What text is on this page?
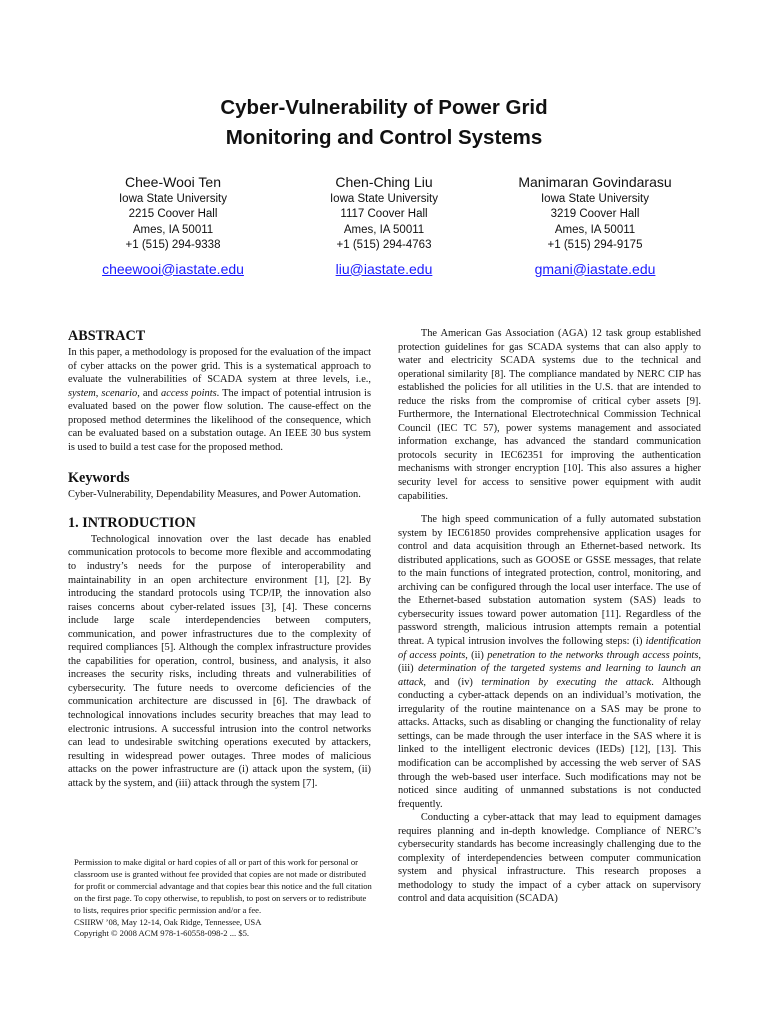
Cyber-Vulnerability of Power Grid
Monitoring and Control Systems
Chee-Wooi Ten
Iowa State University
2215 Coover Hall
Ames, IA 50011
+1 (515) 294-9338
cheewooi@iastate.edu
Chen-Ching Liu
Iowa State University
1117 Coover Hall
Ames, IA 50011
+1 (515) 294-4763
liu@iastate.edu
Manimaran Govindarasu
Iowa State University
3219 Coover Hall
Ames, IA 50011
+1 (515) 294-9175
gmani@iastate.edu
ABSTRACT

In this paper, a methodology is proposed for the evaluation of the impact of cyber attacks on the power grid. This is a systematical approach to evaluate the vulnerabilities of SCADA system at three levels, i.e., system, scenario, and access points. The impact of potential intrusion is evaluated based on the power flow solution. The cause-effect on the proposed method determines the likelihood of the consequence, which can be evaluated based on a substation outage. An IEEE 30 bus system is used to build a test case for the proposed method.

Keywords

Cyber-Vulnerability, Dependability Measures, and Power Automation.

1. INTRODUCTION

Technological innovation over the last decade has enabled communication protocols to become more flexible and accommodating to industry’s needs for the purpose of interoperability and maintainability in an open architecture environment [1], [2]. By introducing the standard protocols using TCP/IP, the innovation also raises concerns about cyber-related issues [3], [4]. These concerns include large scale interdependencies between computers, communication, and power infrastructures due to the complexity of required compliances [5]. Although the complex infrastructure provides the capabilities for operation, control, business, and analysis, it also increases the security risks, including threats and vulnerabilities of cybersecurity. The future needs to overcome deficiencies of the communication architecture are discussed in [6]. The drawback of technological innovations includes security breaches that may lead to electronic intrusions. A successful intrusion into the control networks can lead to undesirable switching operations executed by attackers, resulting in widespread power outages. Three modes of malicious attacks on the power infrastructure are (i) attack upon the system, (ii) attack by the system, and (iii) attack through the system [7].

Permission to make digital or hard copies of all or part of this work for personal or classroom use is granted without fee provided that copies are not made or distributed for profit or commercial advantage and that copies bear this notice and the full citation on the first page. To copy otherwise, to republish, to post on servers or to redistribute to lists, requires prior specific permission and/or a fee.

CSIIRW ’08, May 12-14, Oak Ridge, Tennessee, USA

Copyright © 2008 ACM 978-1-60558-098-2 ... $5.

The American Gas Association (AGA) 12 task group established protection guidelines for gas SCADA systems that can also apply to water and electricity SCADA systems due to the technical and operational similarity [8]. The compliance mandated by NERC CIP has established the policies for all utilities in the U.S. that are intended to reduce the risks from the compromise of critical cyber assets [9]. Furthermore, the International Electrotechnical Commission Technical Council (IEC TC 57), power systems management and associated information exchange, has advanced the standard communication protocols security in IEC62351 for improving the authentication mechanisms with stronger encryption [10]. This also assures a higher security level for access to sensitive power equipment with audit capabilities.

The high speed communication of a fully automated substation system by IEC61850 provides comprehensive application usages for control and data acquisition through an Ethernet-based network. Its distributed applications, such as GOOSE or GSSE messages, that relate to the main functions of integrated protection, control, monitoring, and archiving can be configured through the local user interface. The use of the Ethernet-based substation automation system (SAS) leads to cybersecurity issues toward power automation [11]. Regardless of the password strength, malicious intrusion attempts remain a potential threat. A typical intrusion involves the following steps: (i) identification of access points, (ii) penetration to the networks through access points, (iii) determination of the targeted systems and learning to launch an attack, and (iv) termination by executing the attack. Although conducting a cyber-attack depends on an individual’s motivation, the irregularity of the routine maintenance on a SAS may be prone to attacks. Attacks, such as disabling or changing the functionality of relay settings, can be made through the user interface in the SAS where it is linked to the intelligent electronic devices (IEDs) [12], [13]. This modification can be accomplished by accessing the web server of SAS through the web-based user interface. Such modifications may not be noticed since auditing of unmanned substations is not conducted frequently.

Conducting a cyber-attack that may lead to equipment damages requires planning and in-depth knowledge. Compliance of NERC’s cybersecurity standards has become increasingly challenging due to the complexity of interdependencies between computer communication system and physical infrastructure. This research proposes a methodology to study the impact of a cyber attack on supervisory control and data acquisition (SCADA)
